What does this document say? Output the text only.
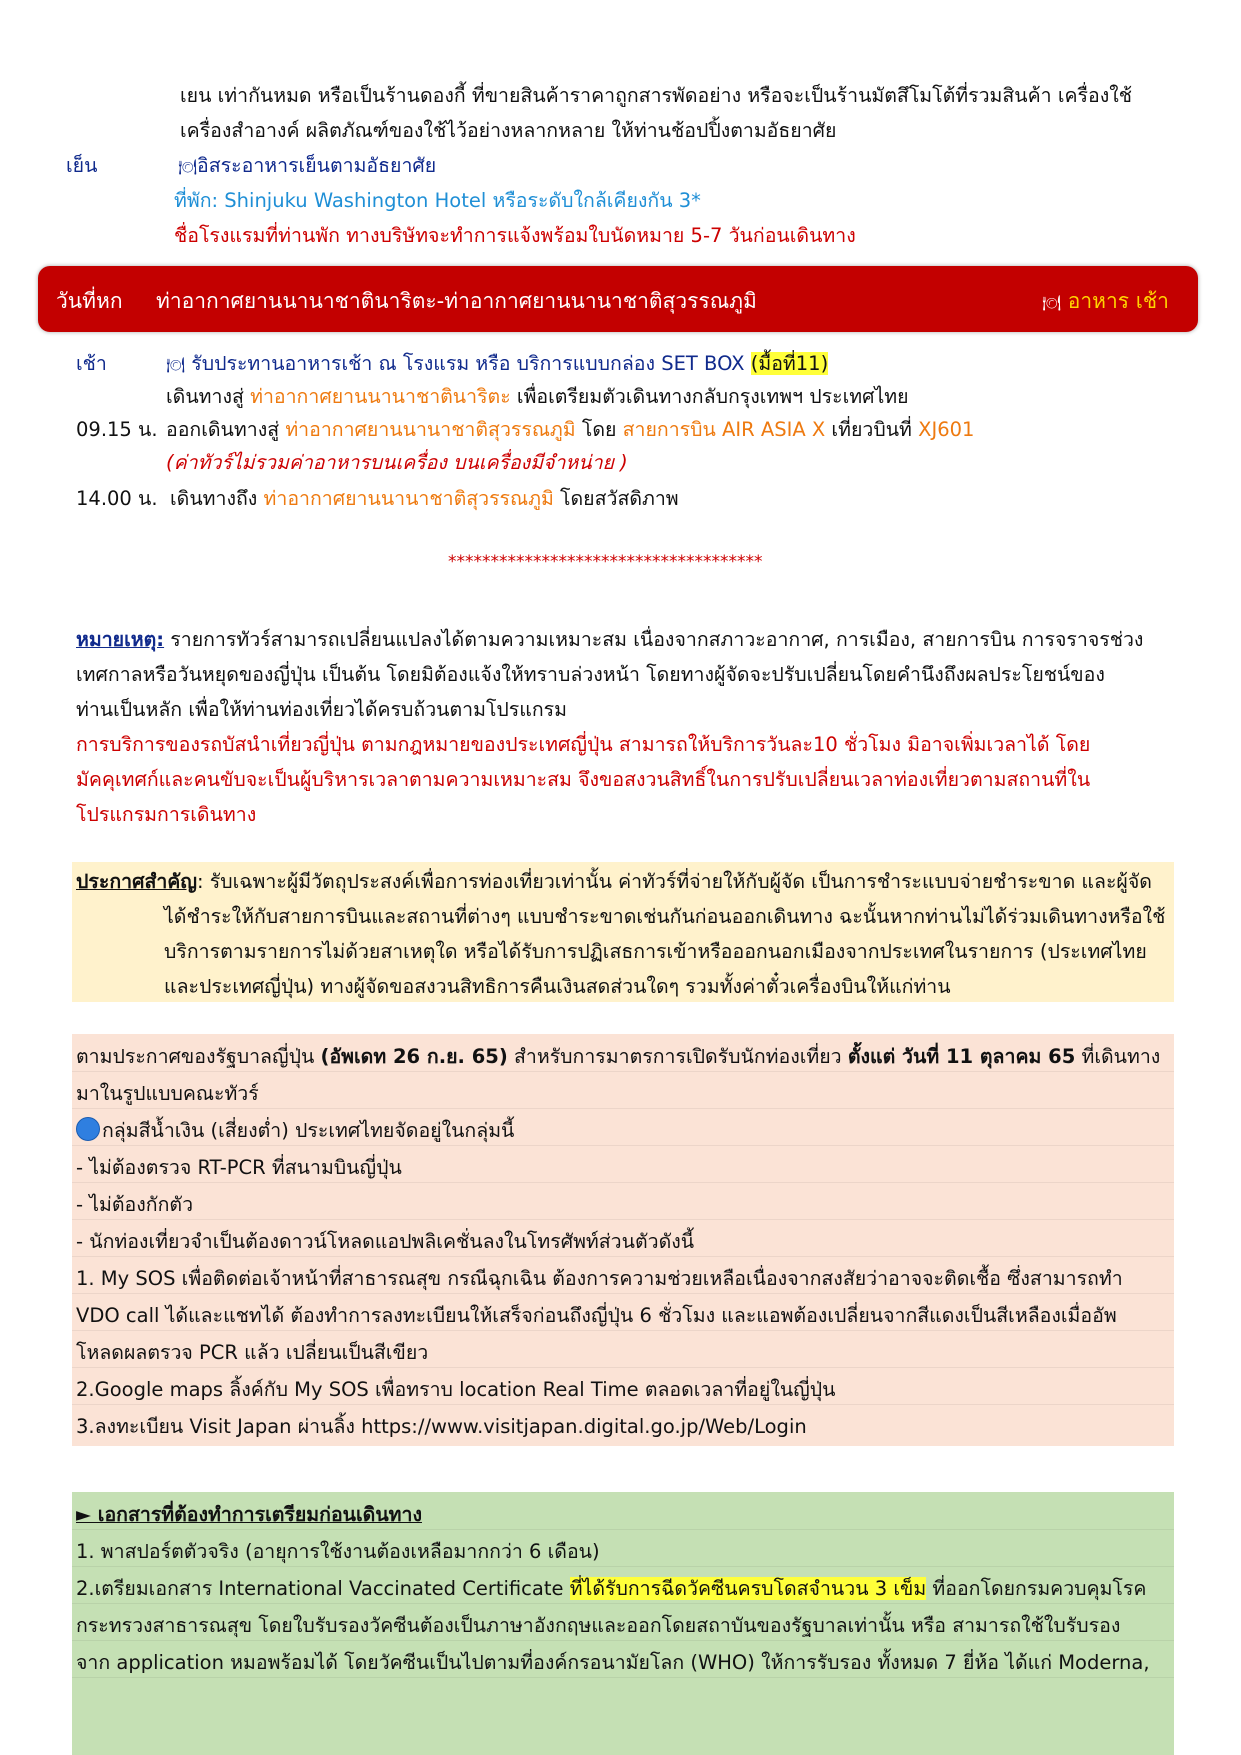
เยน เท่ากันหมด หรือเป็นร้านดองกี้ ที่ขายสินค้าราคาถูกสารพัดอย่าง หรือจะเป็นร้านมัตสึโมโต้ที่รวมสินค้า เครื่องใช้
เครื่องสำอางค์ ผลิตภัณฑ์ของใช้ไว้อย่างหลากหลาย ให้ท่านช้อปปิ้งตามอัธยาศัย
เย็น	🍽อิสระอาหารเย็นตามอัธยาศัย
ที่พัก: Shinjuku Washington Hotel หรือระดับใกล้เคียงกัน 3*
ชื่อโรงแรมที่ท่านพัก ทางบริษัทจะทำการแจ้งพร้อมใบนัดหมาย 5-7 วันก่อนเดินทาง
วันที่หก ท่าอากาศยานนานาชาตินาริตะ-ท่าอากาศยานนานาชาติสุวรรณภูมิ	🍽 อาหาร เช้า
เช้า	🍽 รับประทานอาหารเช้า ณ โรงแรม หรือ บริการแบบกล่อง SET BOX (มื้อที่11)
เดินทางสู่ ท่าอากาศยานนานาชาตินาริตะ เพื่อเตรียมตัวเดินทางกลับกรุงเทพฯ ประเทศไทย
09.15 น. ออกเดินทางสู่ ท่าอากาศยานนานาชาติสุวรรณภูมิ โดย สายการบิน AIR ASIA X เที่ยวบินที่ XJ601
(ค่าทัวร์ไม่รวมค่าอาหารบนเครื่อง บนเครื่องมีจำหน่าย )
14.00 น. เดินทางถึง ท่าอากาศยานนานาชาติสุวรรณภูมิ โดยสวัสดิภาพ
*************************************
หมายเหตุ: รายการทัวร์สามารถเปลี่ยนแปลงได้ตามความเหมาะสม เนื่องจากสภาวะอากาศ, การเมือง, สายการบิน การจราจรช่วง
เทศกาลหรือวันหยุดของญี่ปุ่น เป็นต้น โดยมิต้องแจ้งให้ทราบล่วงหน้า โดยทางผู้จัดจะปรับเปลี่ยนโดยคำนึงถึงผลประโยชน์ของ
ท่านเป็นหลัก เพื่อให้ท่านท่องเที่ยวได้ครบถ้วนตามโปรแกรม
การบริการของรถบัสนำเที่ยวญี่ปุ่น ตามกฎหมายของประเทศญี่ปุ่น สามารถให้บริการวันละ10 ชั่วโมง มิอาจเพิ่มเวลาได้ โดย
มัคคุเทศก์และคนขับจะเป็นผู้บริหารเวลาตามความเหมาะสม จึงขอสงวนสิทธิ์ในการปรับเปลี่ยนเวลาท่องเที่ยวตามสถานที่ใน
โปรแกรมการเดินทาง
ประกาศสำคัญ: รับเฉพาะผู้มีวัตถุประสงค์เพื่อการท่องเที่ยวเท่านั้น ค่าทัวร์ที่จ่ายให้กับผู้จัด เป็นการชำระแบบจ่ายชำระขาด และผู้จัด
ได้ชำระให้กับสายการบินและสถานที่ต่างๆ แบบชำระขาดเช่นกันก่อนออกเดินทาง ฉะนั้นหากท่านไม่ได้ร่วมเดินทางหรือใช้
บริการตามรายการไม่ด้วยสาเหตุใด หรือได้รับการปฏิเสธการเข้าหรือออกนอกเมืองจากประเทศในรายการ (ประเทศไทย
และประเทศญี่ปุ่น) ทางผู้จัดขอสงวนสิทธิการคืนเงินสดส่วนใดๆ รวมทั้งค่าตั๋วเครื่องบินให้แก่ท่าน
ตามประกาศของรัฐบาลญี่ปุ่น (อัพเดท 26 ก.ย. 65) สำหรับการมาตรการเปิดรับนักท่องเที่ยว ตั้งแต่ วันที่ 11 ตุลาคม 65 ที่เดินทาง
มาในรูปแบบคณะทัวร์
กลุ่มสีน้ำเงิน (เสี่ยงต่ำ) ประเทศไทยจัดอยู่ในกลุ่มนี้
- ไม่ต้องตรวจ RT-PCR ที่สนามบินญี่ปุ่น
- ไม่ต้องกักตัว
- นักท่องเที่ยวจำเป็นต้องดาวน์โหลดแอปพลิเคชั่นลงในโทรศัพท์ส่วนตัวดังนี้
1. My SOS เพื่อติดต่อเจ้าหน้าที่สาธารณสุข กรณีฉุกเฉิน ต้องการความช่วยเหลือเนื่องจากสงสัยว่าอาจจะติดเชื้อ ซึ่งสามารถทำ
VDO call ได้และแชทได้ ต้องทำการลงทะเบียนให้เสร็จก่อนถึงญี่ปุ่น 6 ชั่วโมง และแอพต้องเปลี่ยนจากสีแดงเป็นสีเหลืองเมื่ออัพ
โหลดผลตรวจ PCR แล้ว เปลี่ยนเป็นสีเขียว
2.Google maps ลิ้งค์กับ My SOS เพื่อทราบ location Real Time ตลอดเวลาที่อยู่ในญี่ปุ่น
3.ลงทะเบียน Visit Japan ผ่านลิ้ง https://www.visitjapan.digital.go.jp/Web/Login
► เอกสารที่ต้องทำการเตรียมก่อนเดินทาง
1. พาสปอร์ตตัวจริง (อายุการใช้งานต้องเหลือมากกว่า 6 เดือน)
2.เตรียมเอกสาร International Vaccinated Certificate ที่ได้รับการฉีดวัคซีนครบโดสจำนวน 3 เข็ม ที่ออกโดยกรมควบคุมโรค
กระทรวงสาธารณสุข โดยใบรับรองวัคซีนต้องเป็นภาษาอังกฤษและออกโดยสถาบันของรัฐบาลเท่านั้น หรือ สามารถใช้ใบรับรอง
จาก application หมอพร้อมได้ โดยวัคซีนเป็นไปตามที่องค์กรอนามัยโลก (WHO) ให้การรับรอง ทั้งหมด 7 ยี่ห้อ ได้แก่ Moderna,
